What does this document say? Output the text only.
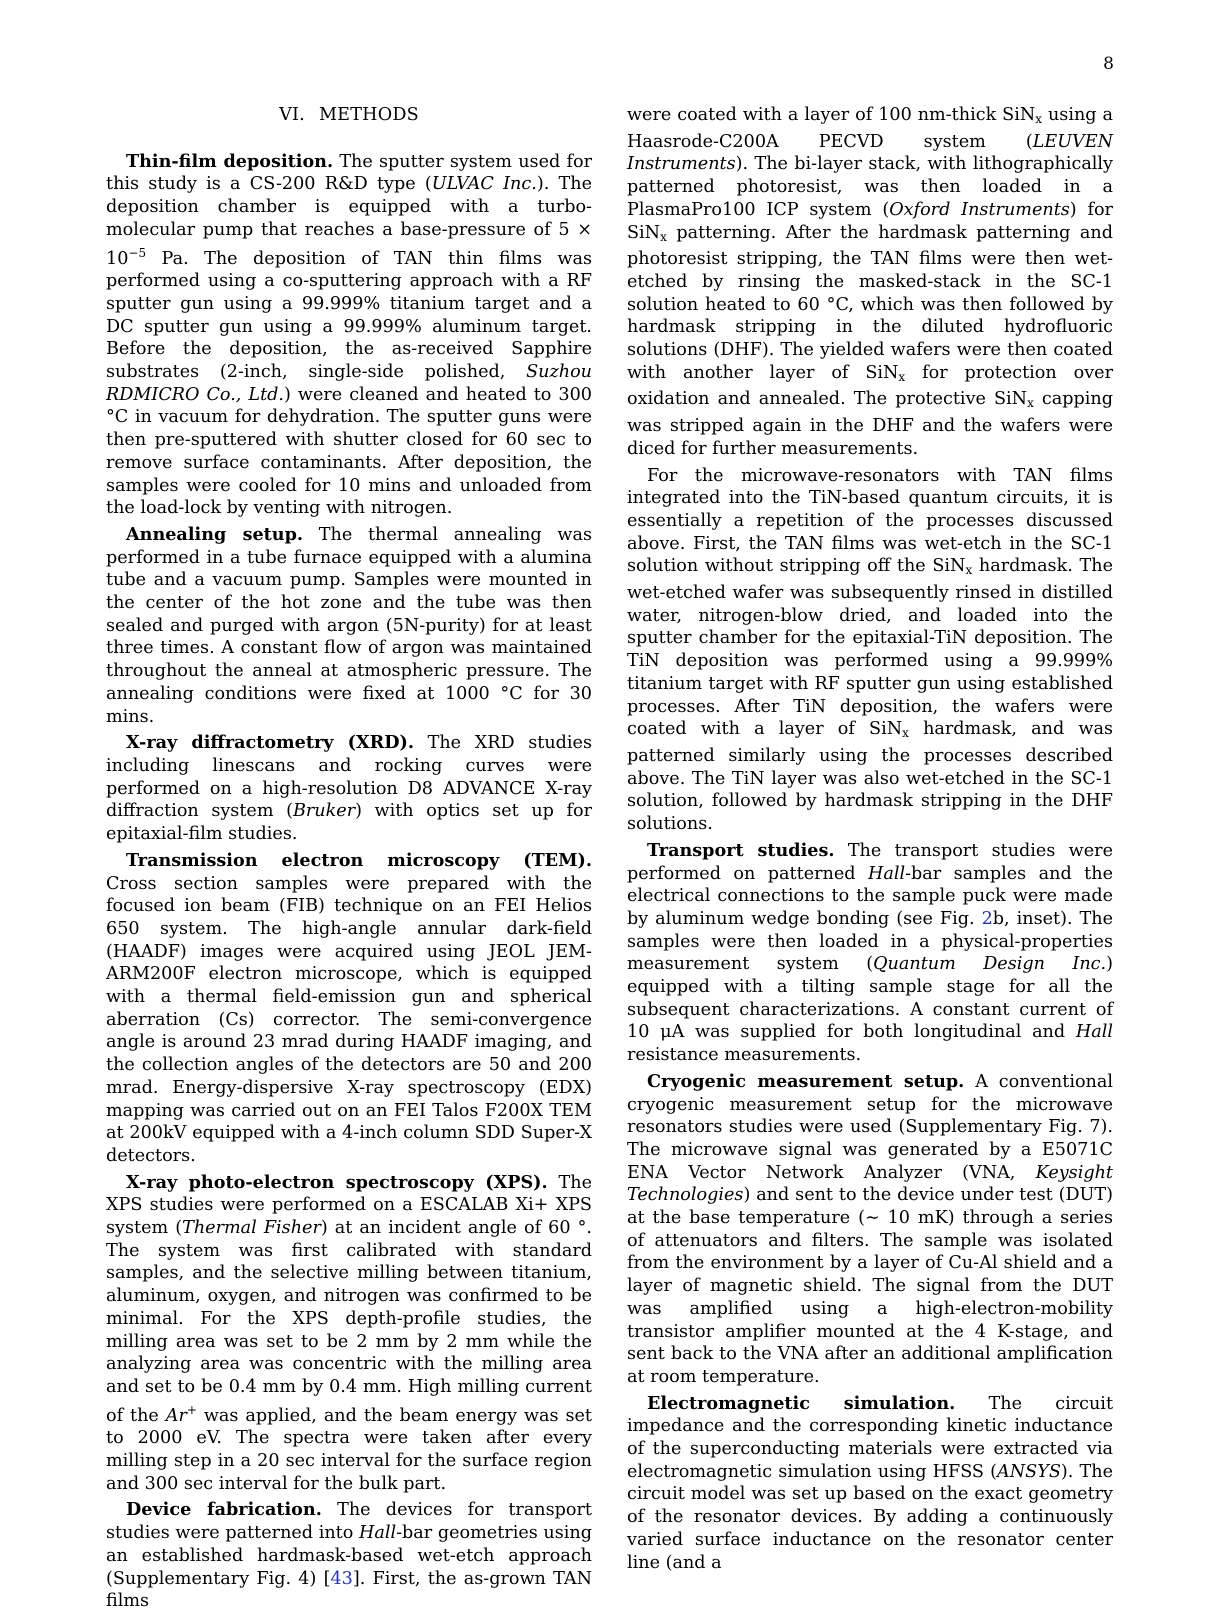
8
VI. METHODS

Thin-film deposition. The sputter system used for this study is a CS-200 R&D type (ULVAC Inc.). The deposition chamber is equipped with a turbo-molecular pump that reaches a base-pressure of $5 \times 10^{-5}$ Pa. The deposition of TAN thin films was performed using a co-sputtering approach with a RF sputter gun using a 99.999% titanium target and a DC sputter gun using a 99.999% aluminum target. Before the deposition, the as-received Sapphire substrates (2-inch, single-side polished, Suzhou RDMICRO Co., Ltd.) were cleaned and heated to 300 °C in vacuum for dehydration. The sputter guns were then pre-sputtered with shutter closed for 60 sec to remove surface contaminants. After deposition, the samples were cooled for 10 mins and unloaded from the load-lock by venting with nitrogen.

Annealing setup. The thermal annealing was performed in a tube furnace equipped with a alumina tube and a vacuum pump. Samples were mounted in the center of the hot zone and the tube was then sealed and purged with argon (5N-purity) for at least three times. A constant flow of argon was maintained throughout the anneal at atmospheric pressure. The annealing conditions were fixed at 1000 °C for 30 mins.

X-ray diffractometry (XRD). The XRD studies including linescans and rocking curves were performed on a high-resolution D8 ADVANCE X-ray diffraction system (Bruker) with optics set up for epitaxial-film studies.

Transmission electron microscopy (TEM). Cross section samples were prepared with the focused ion beam (FIB) technique on an FEI Helios 650 system. The high-angle annular dark-field (HAADF) images were acquired using JEOL JEM-ARM200F electron microscope, which is equipped with a thermal field-emission gun and spherical aberration (Cs) corrector. The semi-convergence angle is around 23 mrad during HAADF imaging, and the collection angles of the detectors are 50 and 200 mrad. Energy-dispersive X-ray spectroscopy (EDX) mapping was carried out on an FEI Talos F200X TEM at 200kV equipped with a 4-inch column SDD Super-X detectors.

X-ray photo-electron spectroscopy (XPS). The XPS studies were performed on a ESCALAB Xi+ XPS system (Thermal Fisher) at an incident angle of 60 °. The system was first calibrated with standard samples, and the selective milling between titanium, aluminum, oxygen, and nitrogen was confirmed to be minimal. For the XPS depth-profile studies, the milling area was set to be 2 mm by 2 mm while the analyzing area was concentric with the milling area and set to be 0.4 mm by 0.4 mm. High milling current of the Ar+ was applied, and the beam energy was set to 2000 eV. The spectra were taken after every milling step in a 20 sec interval for the surface region and 300 sec interval for the bulk part.

Device fabrication. The devices for transport studies were patterned into Hall-bar geometries using an established hardmask-based wet-etch approach (Supplementary Fig. 4) [43]. First, the as-grown TAN films

were coated with a layer of 100 nm-thick SiN$_x$ using a Haasrode-C200A PECVD system (LEUVEN Instruments). The bi-layer stack, with lithographically patterned photoresist, was then loaded in a PlasmaPro100 ICP system (Oxford Instruments) for SiN$_x$ patterning. After the hardmask patterning and photoresist stripping, the TAN films were then wet-etched by rinsing the masked-stack in the SC-1 solution heated to 60 °C, which was then followed by hardmask stripping in the diluted hydrofluoric solutions (DHF). The yielded wafers were then coated with another layer of SiN$_x$ for protection over oxidation and annealed. The protective SiN$_x$ capping was stripped again in the DHF and the wafers were diced for further measurements.

For the microwave-resonators with TAN films integrated into the TiN-based quantum circuits, it is essentially a repetition of the processes discussed above. First, the TAN films was wet-etch in the SC-1 solution without stripping off the SiN$_x$ hardmask. The wet-etched wafer was subsequently rinsed in distilled water, nitrogen-blow dried, and loaded into the sputter chamber for the epitaxial-TiN deposition. The TiN deposition was performed using a 99.999% titanium target with RF sputter gun using established processes. After TiN deposition, the wafers were coated with a layer of SiN$_x$ hardmask, and was patterned similarly using the processes described above. The TiN layer was also wet-etched in the SC-1 solution, followed by hardmask stripping in the DHF solutions.

Transport studies. The transport studies were performed on patterned Hall-bar samples and the electrical connections to the sample puck were made by aluminum wedge bonding (see Fig. 2b, inset). The samples were then loaded in a physical-properties measurement system (Quantum Design Inc.) equipped with a tilting sample stage for all the subsequent characterizations. A constant current of 10 μA was supplied for both longitudinal and Hall resistance measurements.

Cryogenic measurement setup. A conventional cryogenic measurement setup for the microwave resonators studies were used (Supplementary Fig. 7). The microwave signal was generated by a E5071C ENA Vector Network Analyzer (VNA, Keysight Technologies) and sent to the device under test (DUT) at the base temperature (∼ 10 mK) through a series of attenuators and filters. The sample was isolated from the environment by a layer of Cu-Al shield and a layer of magnetic shield. The signal from the DUT was amplified using a high-electron-mobility transistor amplifier mounted at the 4 K-stage, and sent back to the VNA after an additional amplification at room temperature.

Electromagnetic simulation. The circuit impedance and the corresponding kinetic inductance of the superconducting materials were extracted via electromagnetic simulation using HFSS (ANSYS). The circuit model was set up based on the exact geometry of the resonator devices. By adding a continuously varied surface inductance on the resonator center line (and a
